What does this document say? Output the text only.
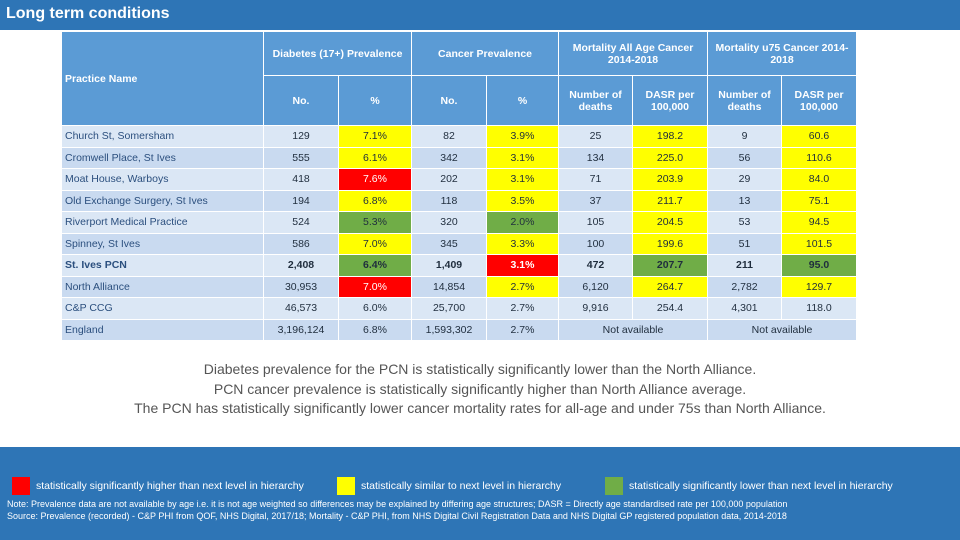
Long term conditions
Practice Name	Diabetes (17+) Prevalence		Cancer Prevalence		Mortality All Age Cancer 2014-2018		Mortality u75 Cancer 2014-2018	
	No.	%	No.	%	Number of deaths	DASR per 100,000	Number of deaths	DASR per 100,000
Church St, Somersham	129	7.1%	82	3.9%	25	198.2	9	60.6
Cromwell Place, St Ives	555	6.1%	342	3.1%	134	225.0	56	110.6
Moat House, Warboys	418	7.6%	202	3.1%	71	203.9	29	84.0
Old Exchange Surgery, St Ives	194	6.8%	118	3.5%	37	211.7	13	75.1
Riverport Medical Practice	524	5.3%	320	2.0%	105	204.5	53	94.5
Spinney, St Ives	586	7.0%	345	3.3%	100	199.6	51	101.5
St. Ives PCN	2,408	6.4%	1,409	3.1%	472	207.7	211	95.0
North Alliance	30,953	7.0%	14,854	2.7%	6,120	264.7	2,782	129.7
C&P CCG	46,573	6.0%	25,700	2.7%	9,916	254.4	4,301	118.0
England	3,196,124	6.8%	1,593,302	2.7%	Not available		Not available	
Diabetes prevalence for the PCN is statistically significantly lower than the North Alliance.
PCN cancer prevalence is statistically significantly higher than North Alliance average.
The PCN has statistically significantly lower cancer mortality rates for all-age and under 75s than North Alliance.
statistically significantly higher than next level in hierarchy	statistically similar to next level in hierarchy	statistically significantly lower than next level in hierarchy
Note: Prevalence data are not available by age i.e. it is not age weighted so differences may be explained by differing age structures; DASR = Directly age standardised rate per 100,000 population
Source: Prevalence (recorded) - C&P PHI from QOF, NHS Digital, 2017/18; Mortality - C&P PHI, from NHS Digital Civil Registration Data and NHS Digital GP registered population data, 2014-2018
